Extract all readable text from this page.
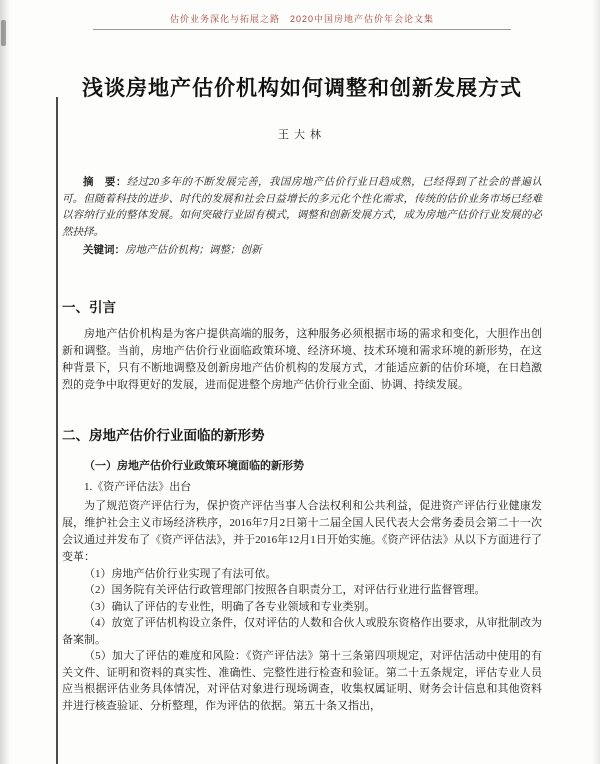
估价业务深化与拓展之路　2020中国房地产估价年会论文集
浅谈房地产估价机构如何调整和创新发展方式
王大林

摘　要：经过20多年的不断发展完善，我国房地产估价行业日趋成熟，已经得到了社会的普遍认可。但随着科技的进步、时代的发展和社会日益增长的多元化个性化需求，传统的估价业务市场已经难以容纳行业的整体发展。如何突破行业固有模式，调整和创新发展方式，成为房地产估价行业发展的必然抉择。

关键词：房地产估价机构；调整；创新

一、引言

房地产估价机构是为客户提供高端的服务，这种服务必须根据市场的需求和变化，大胆作出创新和调整。当前，房地产估价行业面临政策环境、经济环境、技术环境和需求环境的新形势，在这种背景下，只有不断地调整及创新房地产估价机构的发展方式，才能适应新的估价环境，在日趋激烈的竞争中取得更好的发展，进而促进整个房地产估价行业全面、协调、持续发展。

二、房地产估价行业面临的新形势
（一）房地产估价行业政策环境面临的新形势

1.《资产评估法》出台

为了规范资产评估行为，保护资产评估当事人合法权利和公共利益，促进资产评估行业健康发展，维护社会主义市场经济秩序，2016年7月2日第十二届全国人民代表大会常务委员会第二十一次会议通过并发布了《资产评估法》，并于2016年12月1日开始实施。《资产评估法》从以下方面进行了变革：

（1）房地产估价行业实现了有法可依。

（2）国务院有关评估行政管理部门按照各自职责分工，对评估行业进行监督管理。

（3）确认了评估的专业性，明确了各专业领域和专业类别。

（4）放宽了评估机构设立条件，仅对评估的人数和合伙人或股东资格作出要求，从审批制改为备案制。

（5）加大了评估的难度和风险：《资产评估法》第十三条第四项规定，对评估活动中使用的有关文件、证明和资料的真实性、准确性、完整性进行检查和验证。第二十五条规定，评估专业人员应当根据评估业务具体情况，对评估对象进行现场调查，收集权属证明、财务会计信息和其他资料并进行核查验证、分析整理，作为评估的依据。第五十条又指出，
